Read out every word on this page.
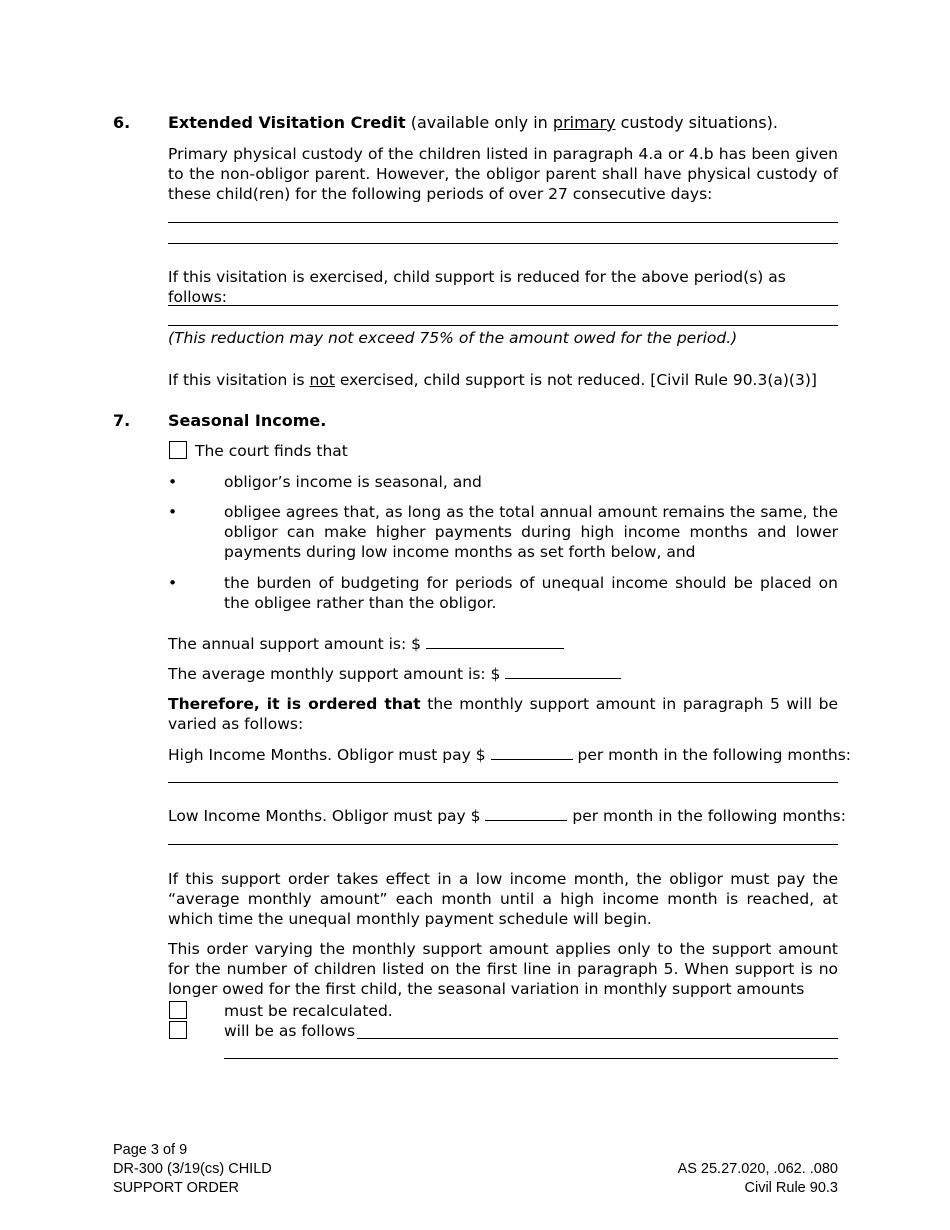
6. Extended Visitation Credit (available only in primary custody situations).
Primary physical custody of the children listed in paragraph 4.a or 4.b has been given to the non-obligor parent. However, the obligor parent shall have physical custody of these child(ren) for the following periods of over 27 consecutive days:
If this visitation is exercised, child support is reduced for the above period(s) as follows:
(This reduction may not exceed 75% of the amount owed for the period.)
If this visitation is not exercised, child support is not reduced. [Civil Rule 90.3(a)(3)]
7. Seasonal Income.
The court finds that
•	obligor’s income is seasonal, and
•	obligee agrees that, as long as the total annual amount remains the same, the obligor can make higher payments during high income months and lower payments during low income months as set forth below, and
•	the burden of budgeting for periods of unequal income should be placed on the obligee rather than the obligor.
The annual support amount is: $
The average monthly support amount is: $
Therefore, it is ordered that the monthly support amount in paragraph 5 will be varied as follows:
High Income Months. Obligor must pay $	per month in the following months:
Low Income Months. Obligor must pay $	per month in the following months:
If this support order takes effect in a low income month, the obligor must pay the “average monthly amount” each month until a high income month is reached, at which time the unequal monthly payment schedule will begin.
This order varying the monthly support amount applies only to the support amount for the number of children listed on the first line in paragraph 5. When support is no longer owed for the first child, the seasonal variation in monthly support amounts
must be recalculated.
will be as follows
Page 3 of 9
DR-300 (3/19(cs) CHILD
SUPPORT ORDER
AS 25.27.020, .062. .080
Civil Rule 90.3
